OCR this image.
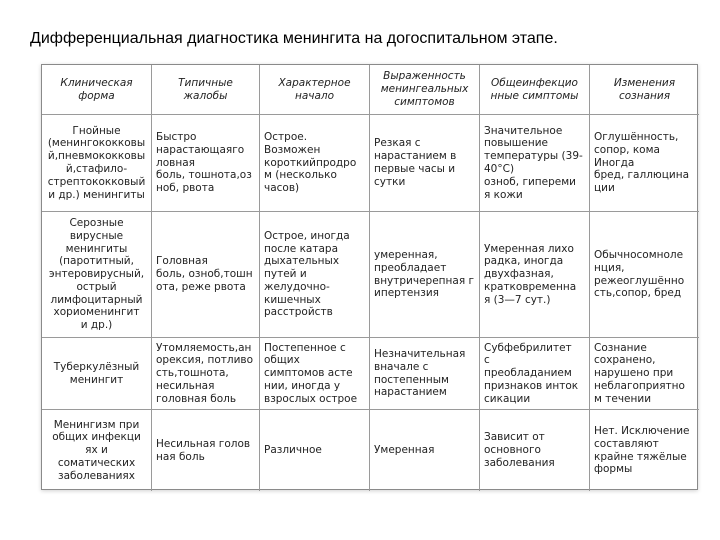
Дифференциальная диагностика менингита на догоспитальном этапе.
Клиническая
форма
Типичные
жалобы
Характерное
начало
Выраженность
менингеальных
симптомов
Общеинфекцио
нные симптомы
Изменения
сознания
Гнойные
(менингококковы
й,пневмококковы
й,стафило-
стрептококковый
и др.) менингиты
Быстро
нарастающаяго
ловная
боль, тошнота,оз
ноб, рвота
Острое.
Возможен
короткийпродро
м (несколько
часов)
Резкая с
нарастанием в
первые часы и
сутки
Значительное
повышение
температуры (39-
40°С)
озноб, гипереми
я кожи
Оглушённость,
сопор, кома
Иногда
бред, галлюцина
ции
Серозные
вирусные
менингиты
(паротитный,
энтеровирусный,
острый
лимфоцитарный
хориоменингит
и др.)
Головная
боль, озноб,тошн
ота, реже рвота
Острое, иногда
после катара
дыхательных
путей и
желудочно-
кишечных
расстройств
умеренная,
преобладает
внутричерепная г
ипертензия
Умеренная лихо
радка, иногда
двухфазная,
кратковременна
я (3—7 сут.)
Обычносомноле
нция,
режеоглушённо
сть,сопор, бред
Туберкулёзный
менингит
Утомляемость,ан
орексия, потливо
сть,тошнота,
несильная
головная боль
Постепенное с
общих
симптомов асте
нии, иногда у
взрослых острое
Незначительная
вначале с
постепенным
нарастанием
Субфебрилитет
с
преобладанием
признаков инток
сикации
Сознание
сохранено,
нарушено при
неблагоприятно
м течении
Менингизм при
общих инфекци
ях и
соматических
заболеваниях
Несильная голов
ная боль
Различное	Умеренная
Зависит от
основного
заболевания
Нет. Исключение
составляют
крайне тяжёлые
формы
